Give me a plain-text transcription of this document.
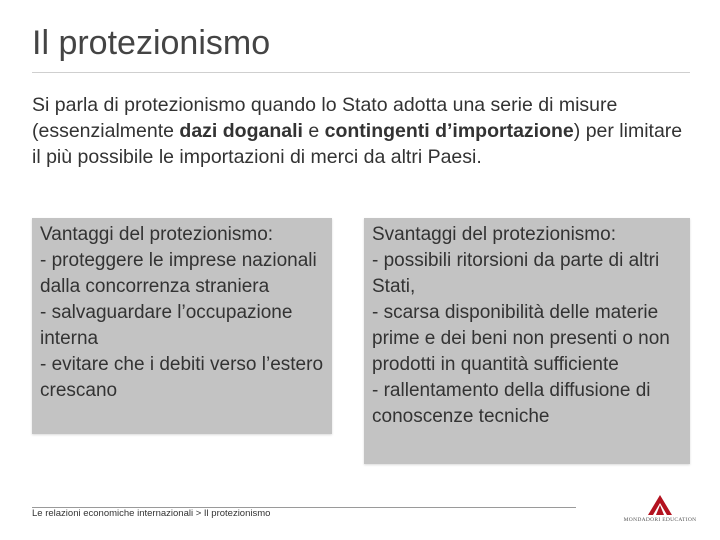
Il protezionismo

Si parla di protezionismo quando lo Stato adotta una serie di misure (essenzialmente dazi doganali e contingenti d’importazione) per limitare il più possibile le importazioni di merci da altri Paesi.

Vantaggi del protezionismo:
- proteggere le imprese nazionali dalla concorrenza straniera
- salvaguardare l’occupazione interna
- evitare che i debiti verso l’estero crescano
Svantaggi del protezionismo:
- possibili ritorsioni da parte di altri Stati,
- scarsa disponibilità delle materie prime e dei beni non presenti o non prodotti in quantità sufficiente
- rallentamento della diffusione di conoscenze tecniche
Le relazioni economiche internazionali > Il protezionismo
MONDADORI EDUCATION
